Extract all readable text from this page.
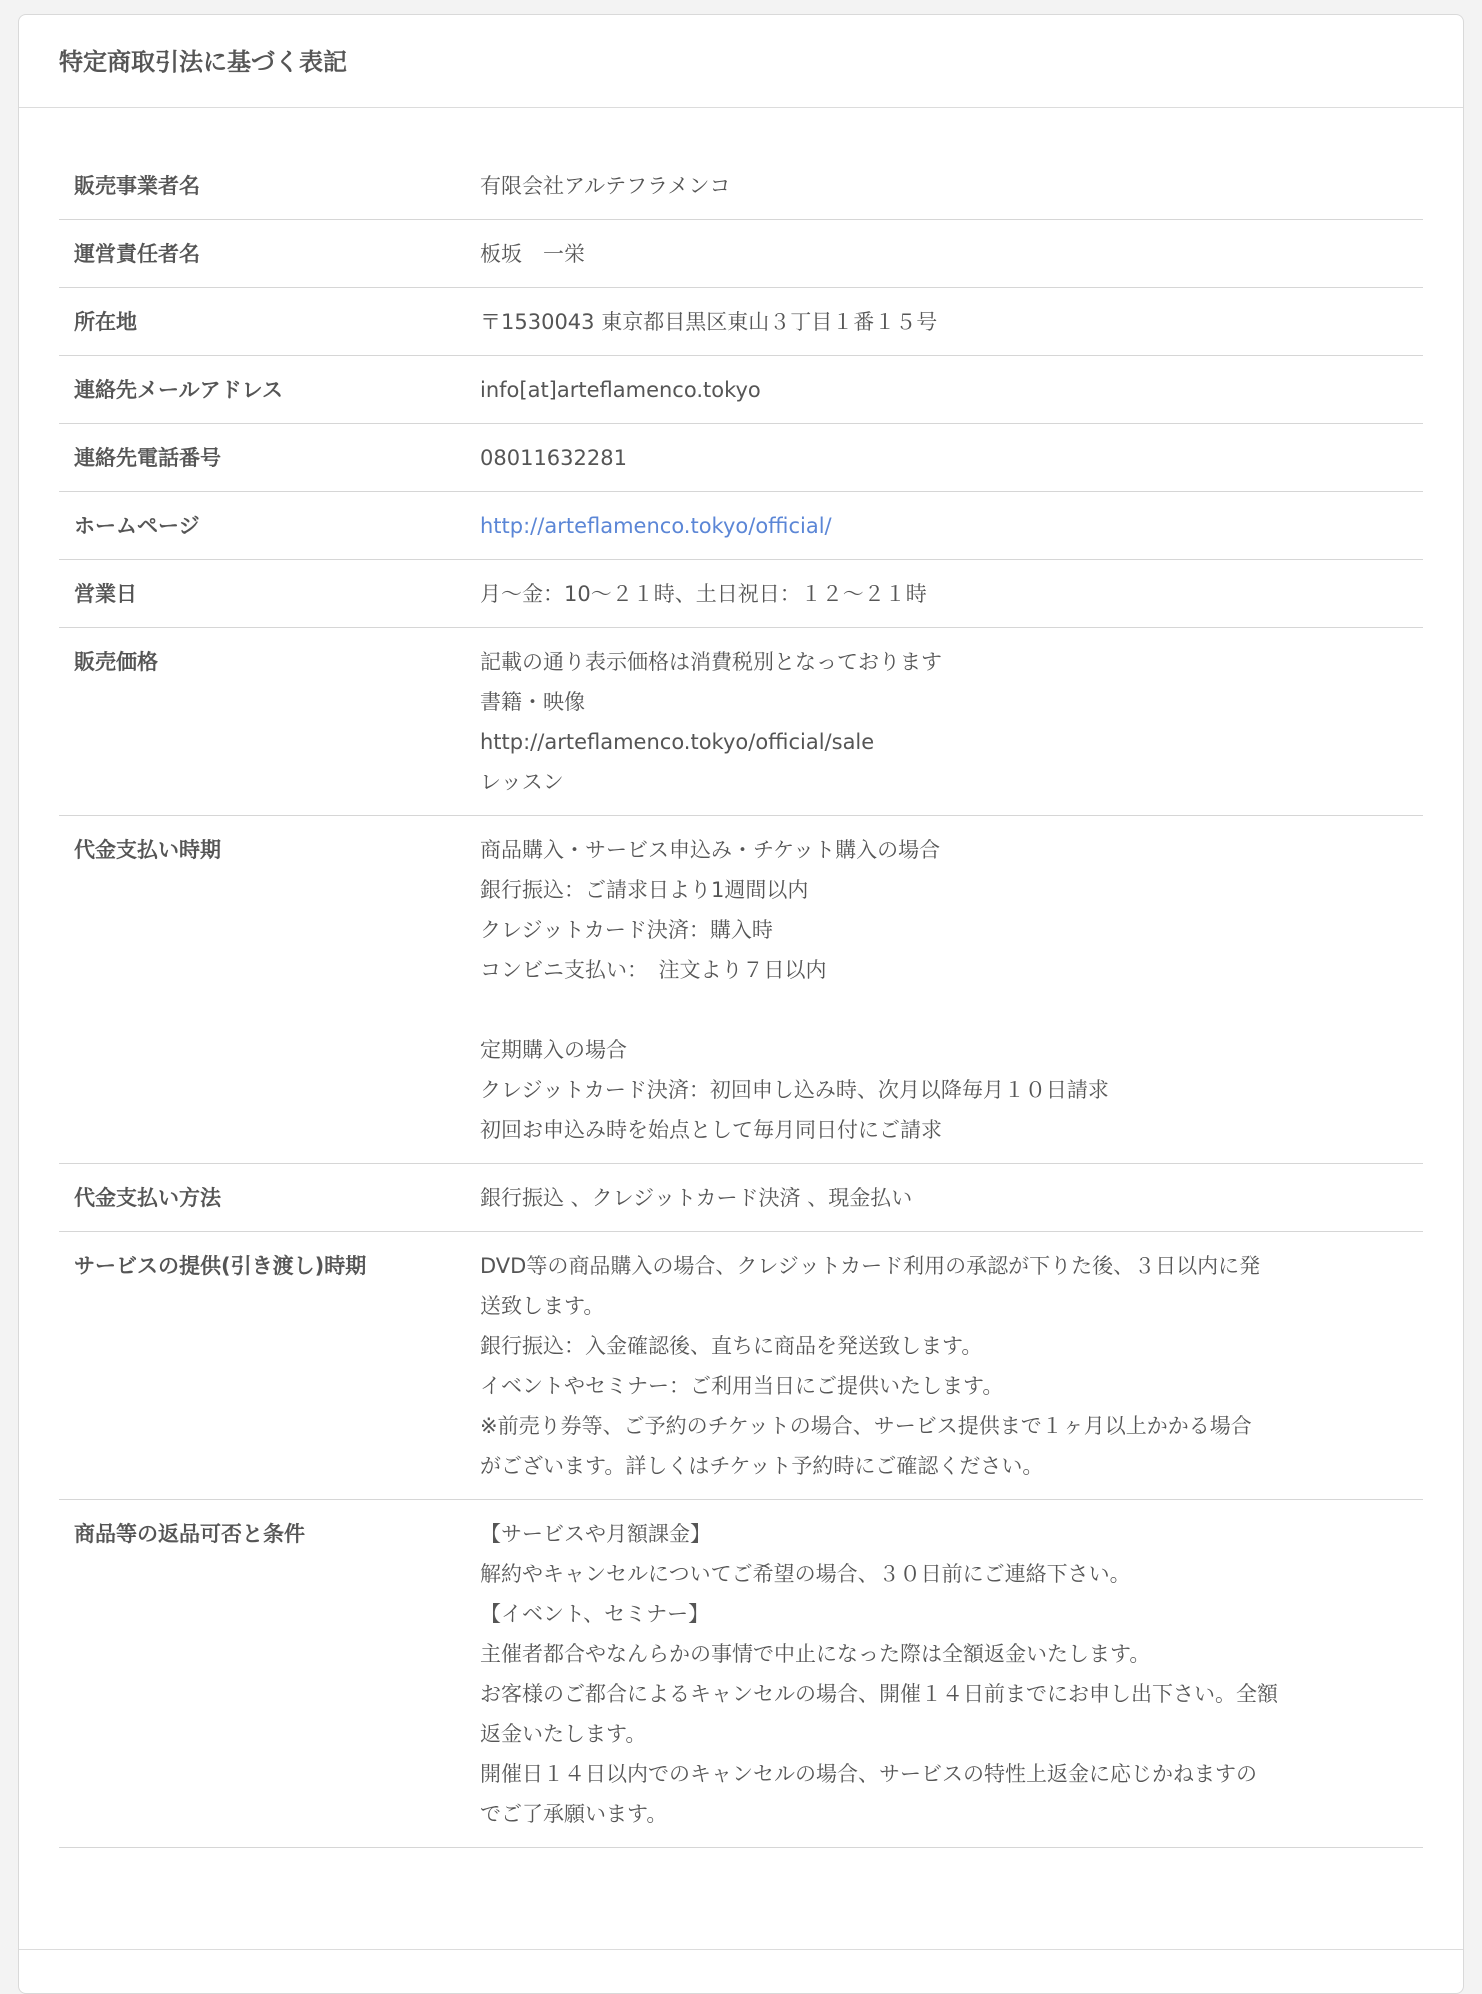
特定商取引法に基づく表記
販売事業者名	有限会社アルテフラメンコ
運営責任者名	板坂　一栄
所在地	〒1530043 東京都目黒区東山３丁目１番１５号
連絡先メールアドレス	info[at]arteflamenco.tokyo
連絡先電話番号	08011632281
ホームページ	http://arteflamenco.tokyo/official/
営業日	月〜金：10〜２１時、土日祝日：１２〜２１時
販売価格	記載の通り表示価格は消費税別となっております
書籍・映像
http://arteflamenco.tokyo/official/sale
レッスン
代金支払い時期	商品購入・サービス申込み・チケット購入の場合
銀行振込：ご請求日より1週間以内
クレジットカード決済：購入時
コンビニ支払い：　注文より７日以内
定期購入の場合
クレジットカード決済：初回申し込み時、次月以降毎月１０日請求
初回お申込み時を始点として毎月同日付にご請求
代金支払い方法	銀行振込 、クレジットカード決済 、現金払い
サービスの提供(引き渡し)時期	DVD等の商品購入の場合、クレジットカード利用の承認が下りた後、３日以内に発
送致します。
銀行振込：入金確認後、直ちに商品を発送致します。
イベントやセミナー：ご利用当日にご提供いたします。
※前売り券等、ご予約のチケットの場合、サービス提供まで１ヶ月以上かかる場合
がございます。詳しくはチケット予約時にご確認ください。
商品等の返品可否と条件	【サービスや月額課金】
解約やキャンセルについてご希望の場合、３０日前にご連絡下さい。
【イベント、セミナー】
主催者都合やなんらかの事情で中止になった際は全額返金いたします。
お客様のご都合によるキャンセルの場合、開催１４日前までにお申し出下さい。全額
返金いたします。
開催日１４日以内でのキャンセルの場合、サービスの特性上返金に応じかねますの
でご了承願います。
